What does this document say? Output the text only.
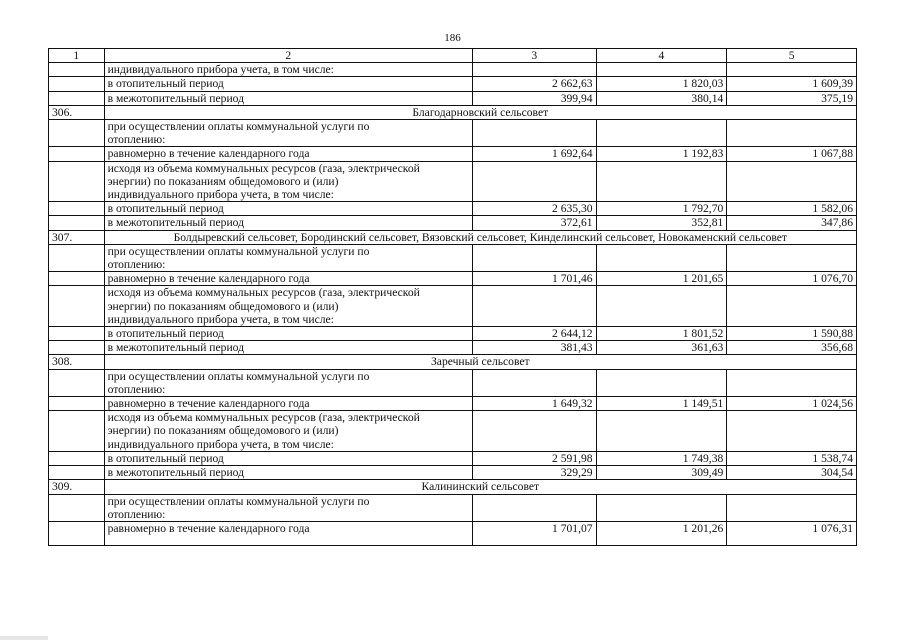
186
1	2	3	4	5
	индивидуального прибора учета, в том числе:			
	в отопительный период	2 662,63	1 820,03	1 609,39
	в межотопительный период	399,94	380,14	375,19
306.	Благодарновский сельсовет			

	при осуществлении оплаты коммунальной услуги по
отоплению:			

	равномерно в течение календарного года	1 692,64	1 192,83	1 067,88

	исходя из объема коммунальных ресурсов (газа, электрической
энергии) по показаниям общедомового и (или)
индивидуального прибора учета, в том числе:			

	в отопительный период	2 635,30	1 792,70	1 582,06
	в межотопительный период	372,61	352,81	347,86
307.	Болдыревский сельсовет, Бородинский сельсовет, Вязовский сельсовет, Кинделинский сельсовет, Новокаменский сельсовет			

	при осуществлении оплаты коммунальной услуги по
отоплению:			

	равномерно в течение календарного года	1 701,46	1 201,65	1 076,70

	исходя из объема коммунальных ресурсов (газа, электрической
энергии) по показаниям общедомового и (или)
индивидуального прибора учета, в том числе:			

	в отопительный период	2 644,12	1 801,52	1 590,88
	в межотопительный период	381,43	361,63	356,68
308.	Заречный сельсовет			

	при осуществлении оплаты коммунальной услуги по
отоплению:			

	равномерно в течение календарного года	1 649,32	1 149,51	1 024,56

	исходя из объема коммунальных ресурсов (газа, электрической
энергии) по показаниям общедомового и (или)
индивидуального прибора учета, в том числе:			

	в отопительный период	2 591,98	1 749,38	1 538,74
	в межотопительный период	329,29	309,49	304,54
309.	Калининский сельсовет			

	при осуществлении оплаты коммунальной услуги по
отоплению:			

	равномерно в течение календарного года	1 701,07	1 201,26	1 076,31
